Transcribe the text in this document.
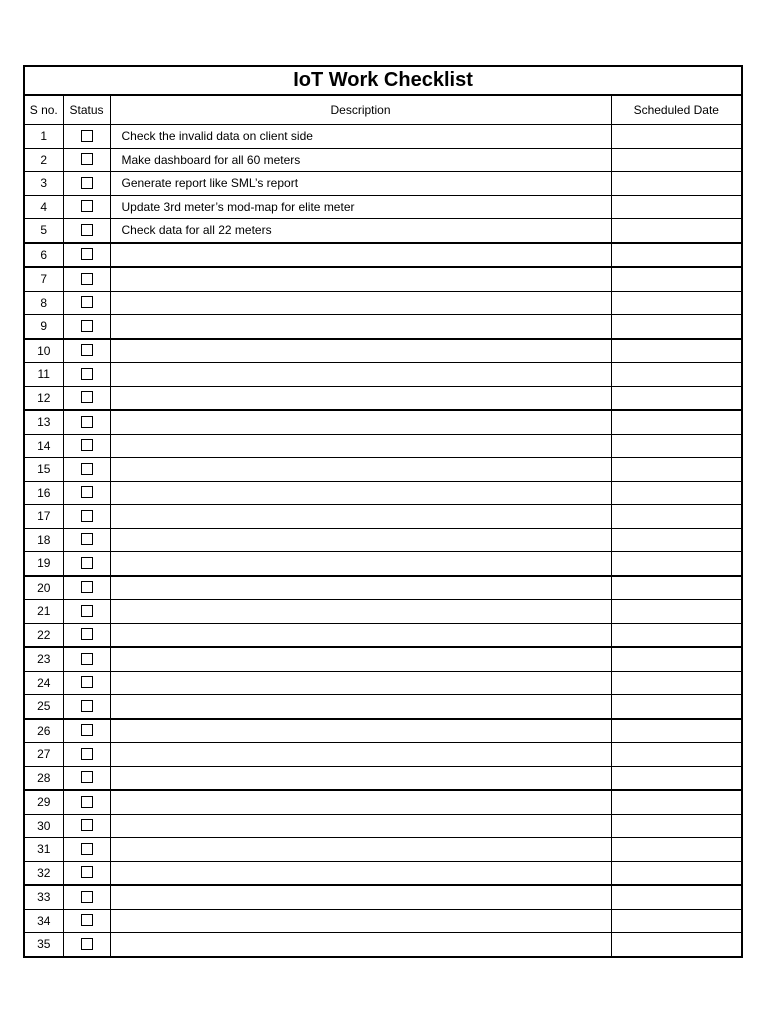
IoT Work Checklist			
S no.	Status	Description	Scheduled Date
1		Check the invalid data on client side	
2		Make dashboard for all 60 meters	
3		Generate report like SML’s report	
4		Update 3rd meter’s mod-map for elite meter	
5		Check data for all 22 meters	
6			
7			
8			
9			
10			
11			
12			
13			
14			
15			
16			
17			
18			
19			
20			
21			
22			
23			
24			
25			
26			
27			
28			
29			
30			
31			
32			
33			
34			
35			
